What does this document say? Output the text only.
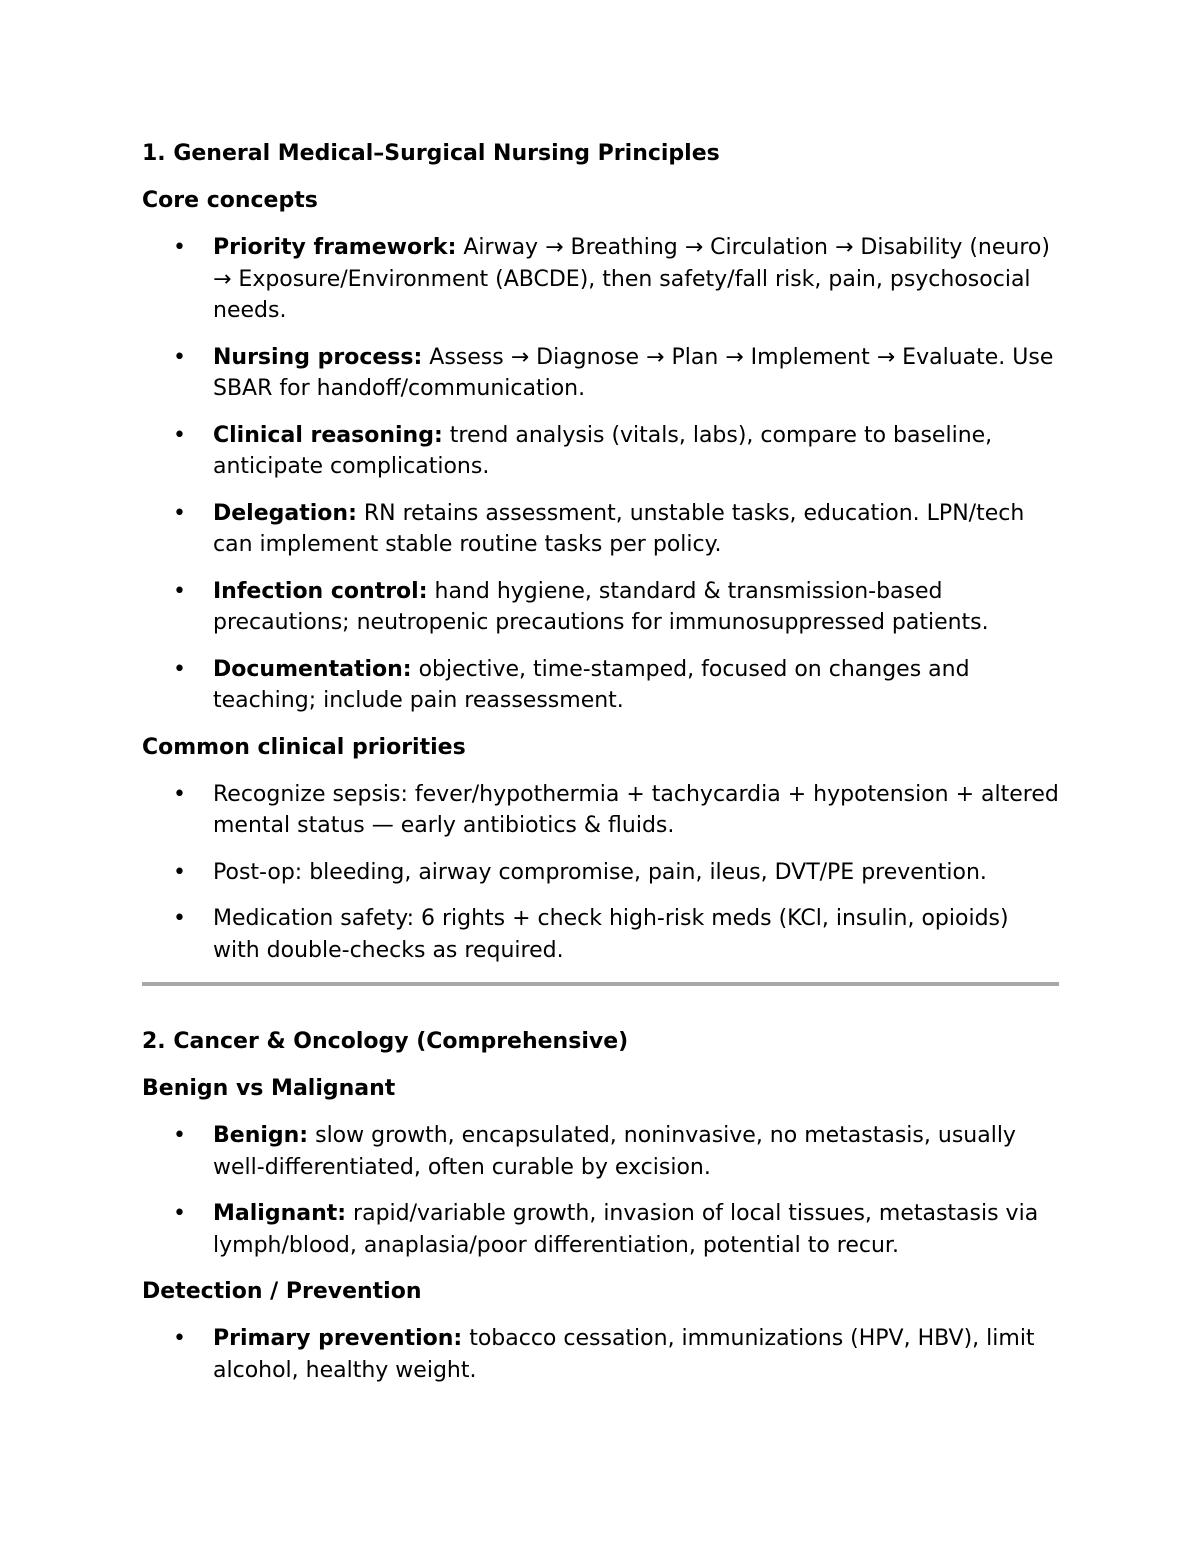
1. General Medical–Surgical Nursing Principles
Core concepts
• Priority framework: Airway → Breathing → Circulation → Disability (neuro) → Exposure/Environment (ABCDE), then safety/fall risk, pain, psychosocial needs.
• Nursing process: Assess → Diagnose → Plan → Implement → Evaluate. Use SBAR for handoff/communication.
• Clinical reasoning: trend analysis (vitals, labs), compare to baseline, anticipate complications.
• Delegation: RN retains assessment, unstable tasks, education. LPN/tech can implement stable routine tasks per policy.
• Infection control: hand hygiene, standard & transmission-based precautions; neutropenic precautions for immunosuppressed patients.
• Documentation: objective, time-stamped, focused on changes and teaching; include pain reassessment.
Common clinical priorities
• Recognize sepsis: fever/hypothermia + tachycardia + hypotension + altered mental status — early antibiotics & fluids.
• Post-op: bleeding, airway compromise, pain, ileus, DVT/PE prevention.
• Medication safety: 6 rights + check high-risk meds (KCl, insulin, opioids) with double-checks as required.
2. Cancer & Oncology (Comprehensive)
Benign vs Malignant
• Benign: slow growth, encapsulated, noninvasive, no metastasis, usually well-differentiated, often curable by excision.
• Malignant: rapid/variable growth, invasion of local tissues, metastasis via lymph/blood, anaplasia/poor differentiation, potential to recur.
Detection / Prevention
• Primary prevention: tobacco cessation, immunizations (HPV, HBV), limit alcohol, healthy weight.
